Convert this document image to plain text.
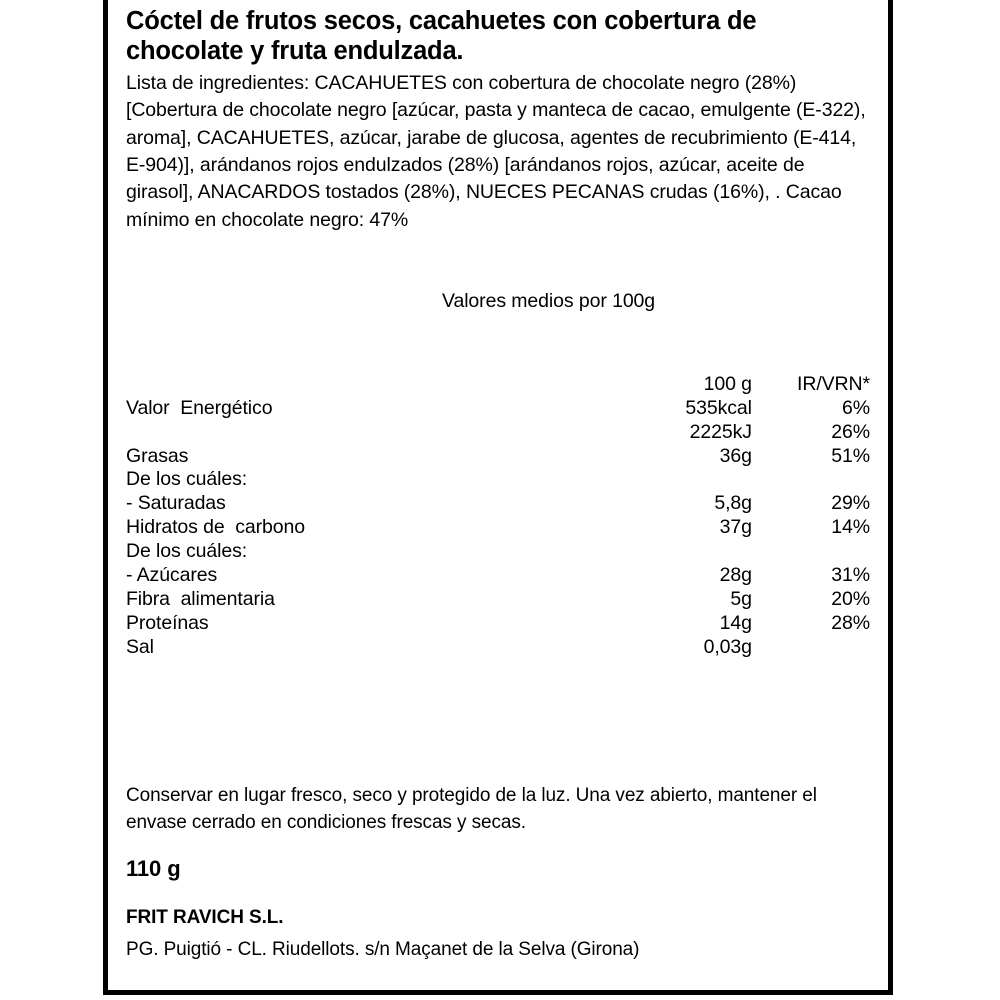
Cóctel de frutos secos, cacahuetes con cobertura de chocolate y fruta endulzada.

Lista de ingredientes: CACAHUETES con cobertura de chocolate negro (28%) [Cobertura de chocolate negro [azúcar, pasta y manteca de cacao, emulgente (E-322), aroma], CACAHUETES, azúcar, jarabe de glucosa, agentes de recubrimiento (E-414, E-904)], arándanos rojos endulzados (28%) [arándanos rojos, azúcar, aceite de girasol], ANACARDOS tostados (28%), NUECES PECANAS crudas (16%), . Cacao mínimo en chocolate negro: 47%

Valores medios por 100g

	100 g	IR/VRN*
Valor  Energético	535kcal	6%
	2225kJ	26%
Grasas	36g	51%
De los cuáles:		
- Saturadas	5,8g	29%
Hidratos de  carbono	37g	14%
De los cuáles:		
- Azúcares	28g	31%
Fibra  alimentaria	5g	20%
Proteínas	14g	28%
Sal	0,03g	

Conservar en lugar fresco, seco y protegido de la luz. Una vez abierto, mantener el envase cerrado en condiciones frescas y secas.

110 g
FRIT RAVICH S.L.
PG. Puigtió - CL. Riudellots. s/n Maçanet de la Selva (Girona)
